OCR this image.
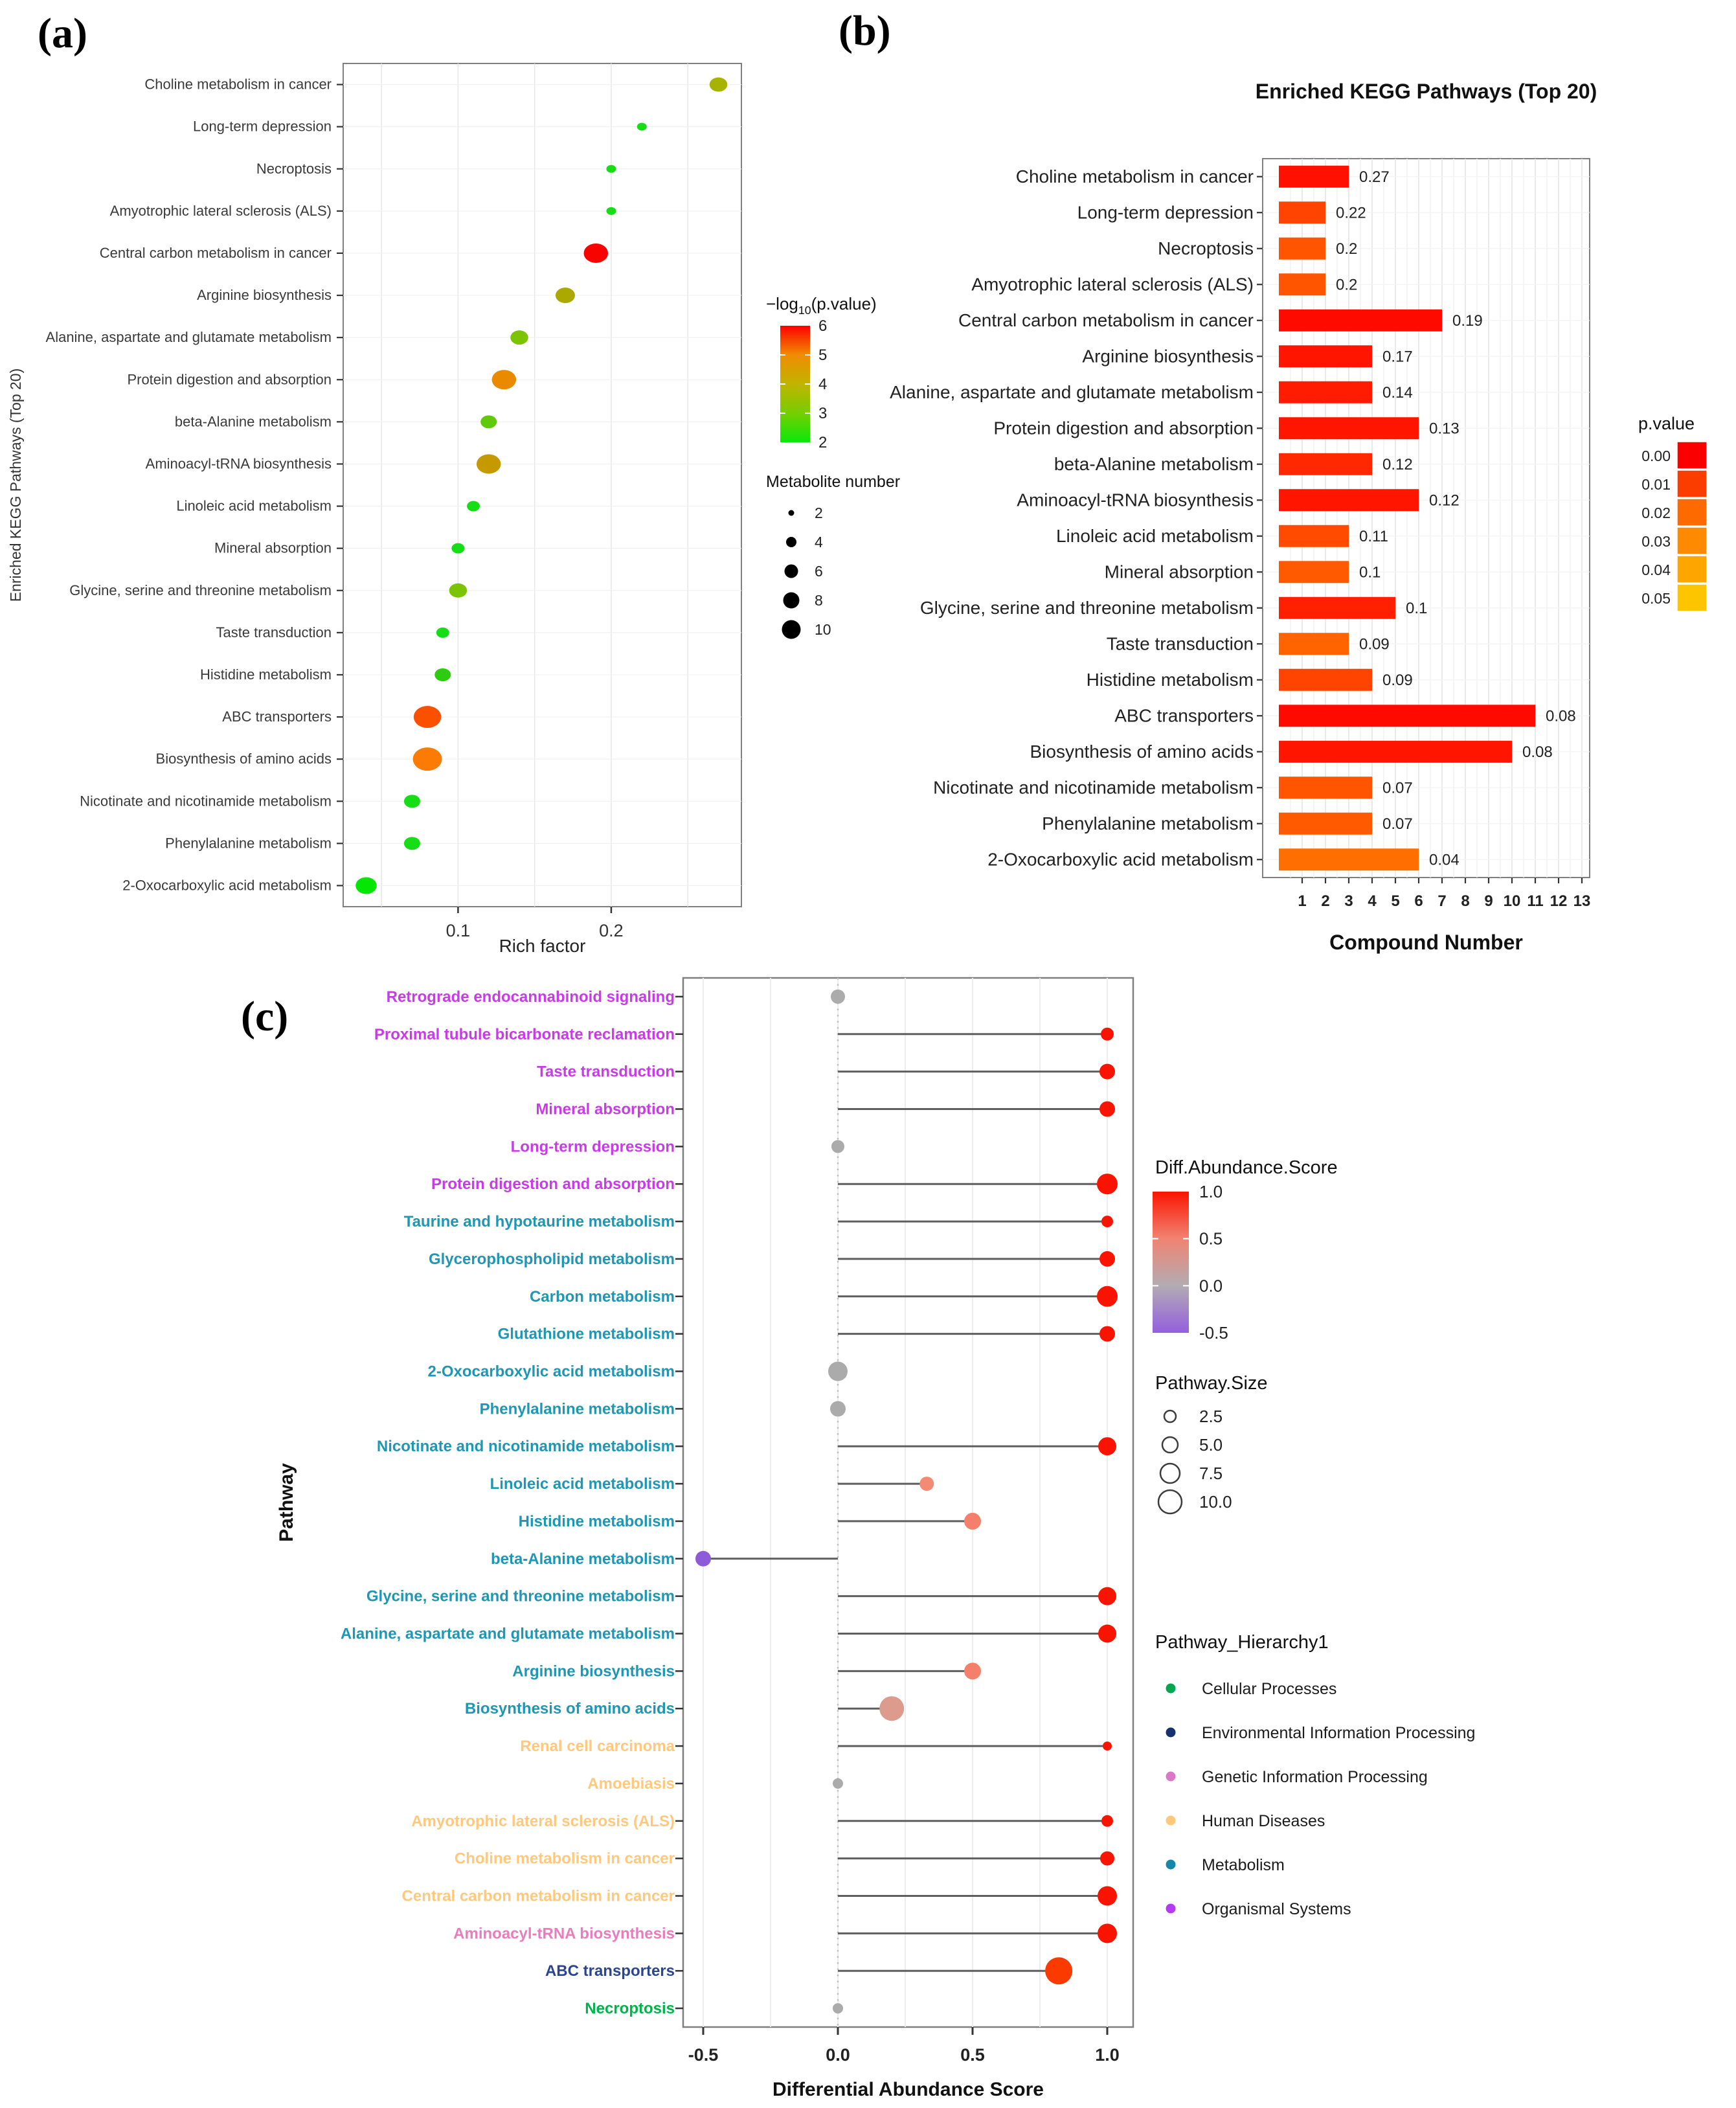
(a)	(b)
(c)
0.1	0.2
Choline metabolism in cancer
Long-term depression
Necroptosis
Amyotrophic lateral sclerosis (ALS)
Central carbon metabolism in cancer
Arginine biosynthesis
Alanine, aspartate and glutamate metabolism
Protein digestion and absorption
beta-Alanine metabolism
Aminoacyl-tRNA biosynthesis
Linoleic acid metabolism
Mineral absorption
Glycine, serine and threonine metabolism
Taste transduction
Histidine metabolism
ABC transporters
Biosynthesis of amino acids
Nicotinate and nicotinamide metabolism
Phenylalanine metabolism
2-Oxocarboxylic acid metabolism
Rich factor
Enriched KEGG Pathways (Top 20)
$-\log_{10}(p.value)$
6
5
4
3
2
Metabolite number
2
4
6
8
10
Enriched KEGG Pathways (Top 20)
Choline metabolism in cancer	0.27
Long-term depression	0.22
Necroptosis	0.2
Amyotrophic lateral sclerosis (ALS)	0.2
Central carbon metabolism in cancer	0.19
Arginine biosynthesis	0.17
Alanine, aspartate and glutamate metabolism	0.14
Protein digestion and absorption	0.13
beta-Alanine metabolism	0.12
Aminoacyl-tRNA biosynthesis	0.12
Linoleic acid metabolism	0.11
Mineral absorption	0.1
Glycine, serine and threonine metabolism	0.1
Taste transduction	0.09
Histidine metabolism	0.09
ABC transporters	0.08
Biosynthesis of amino acids	0.08
Nicotinate and nicotinamide metabolism	0.07
Phenylalanine metabolism	0.07
2-Oxocarboxylic acid metabolism	0.04
1 2 3 4 5 6 7 8 9 10 11 12 13
Compound Number
p.value
0.00
0.01
0.02
0.03
0.04
0.05
Retrograde endocannabinoid signaling
Proximal tubule bicarbonate reclamation
Taste transduction
Mineral absorption
Long-term depression
Protein digestion and absorption
Taurine and hypotaurine metabolism
Glycerophospholipid metabolism
Carbon metabolism
Glutathione metabolism
2-Oxocarboxylic acid metabolism
Phenylalanine metabolism
Nicotinate and nicotinamide metabolism
Linoleic acid metabolism
Histidine metabolism
beta-Alanine metabolism
Glycine, serine and threonine metabolism
Alanine, aspartate and glutamate metabolism
Arginine biosynthesis
Biosynthesis of amino acids
Renal cell carcinoma
Amoebiasis
Amyotrophic lateral sclerosis (ALS)
Choline metabolism in cancer
Central carbon metabolism in cancer
Aminoacyl-tRNA biosynthesis
ABC transporters
Necroptosis
-0.5	0.0	0.5	1.0
Differential Abundance Score
Pathway
Diff.Abundance.Score
1.0
0.5
0.0
-0.5
Pathway.Size
2.5
5.0
7.5
10.0
Pathway_Hierarchy1
Cellular Processes
Environmental Information Processing
Genetic Information Processing
Human Diseases
Metabolism
Organismal Systems
